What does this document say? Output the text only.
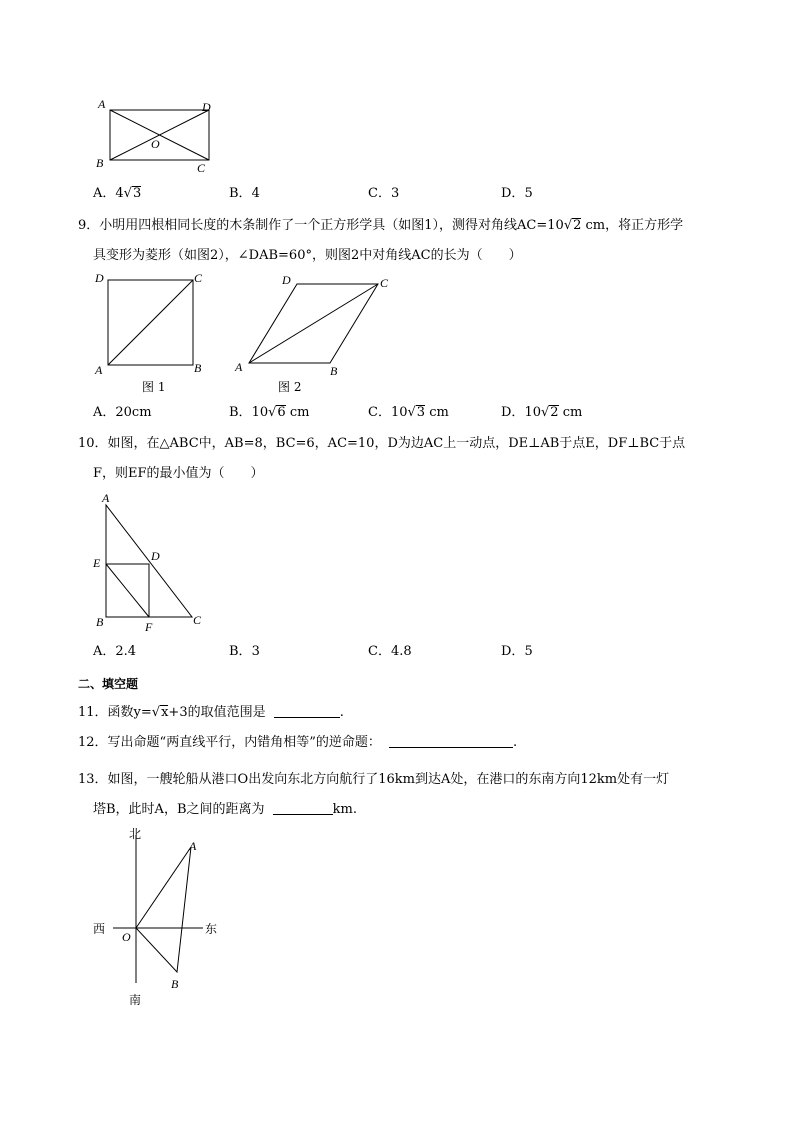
A	D
O
B	C
A．4√3	B．4	C．3	D．5
9．小明用四根相同长度的木条制作了一个正方形学具（如图1），测得对角线AC=10√2 cm，将正方形学
具变形为菱形（如图2），∠DAB=60°，则图2中对角线AC的长为（　　）
D	C
A	B
图 1
D	C
A	B
图 2
A．20cm	B．10√6 cm	C．10√3 cm	D．10√2 cm
10．如图，在△ABC中，AB=8，BC=6，AC=10，D为边AC上一动点，DE⊥AB于点E，DF⊥BC于点
F，则EF的最小值为（　　）
A
E	D
B	F	C
A．2.4	B．3	C．4.8	D．5
二、填空题
11．函数y=√x+3的取值范围是	.
12．写出命题“两直线平行，内错角相等”的逆命题：	.
13．如图，一艘轮船从港口O出发向东北方向航行了16km到达A处，在港口的东南方向12km处有一灯
塔B，此时A，B之间的距离为	km.
北
A
西
O
东
B
南
